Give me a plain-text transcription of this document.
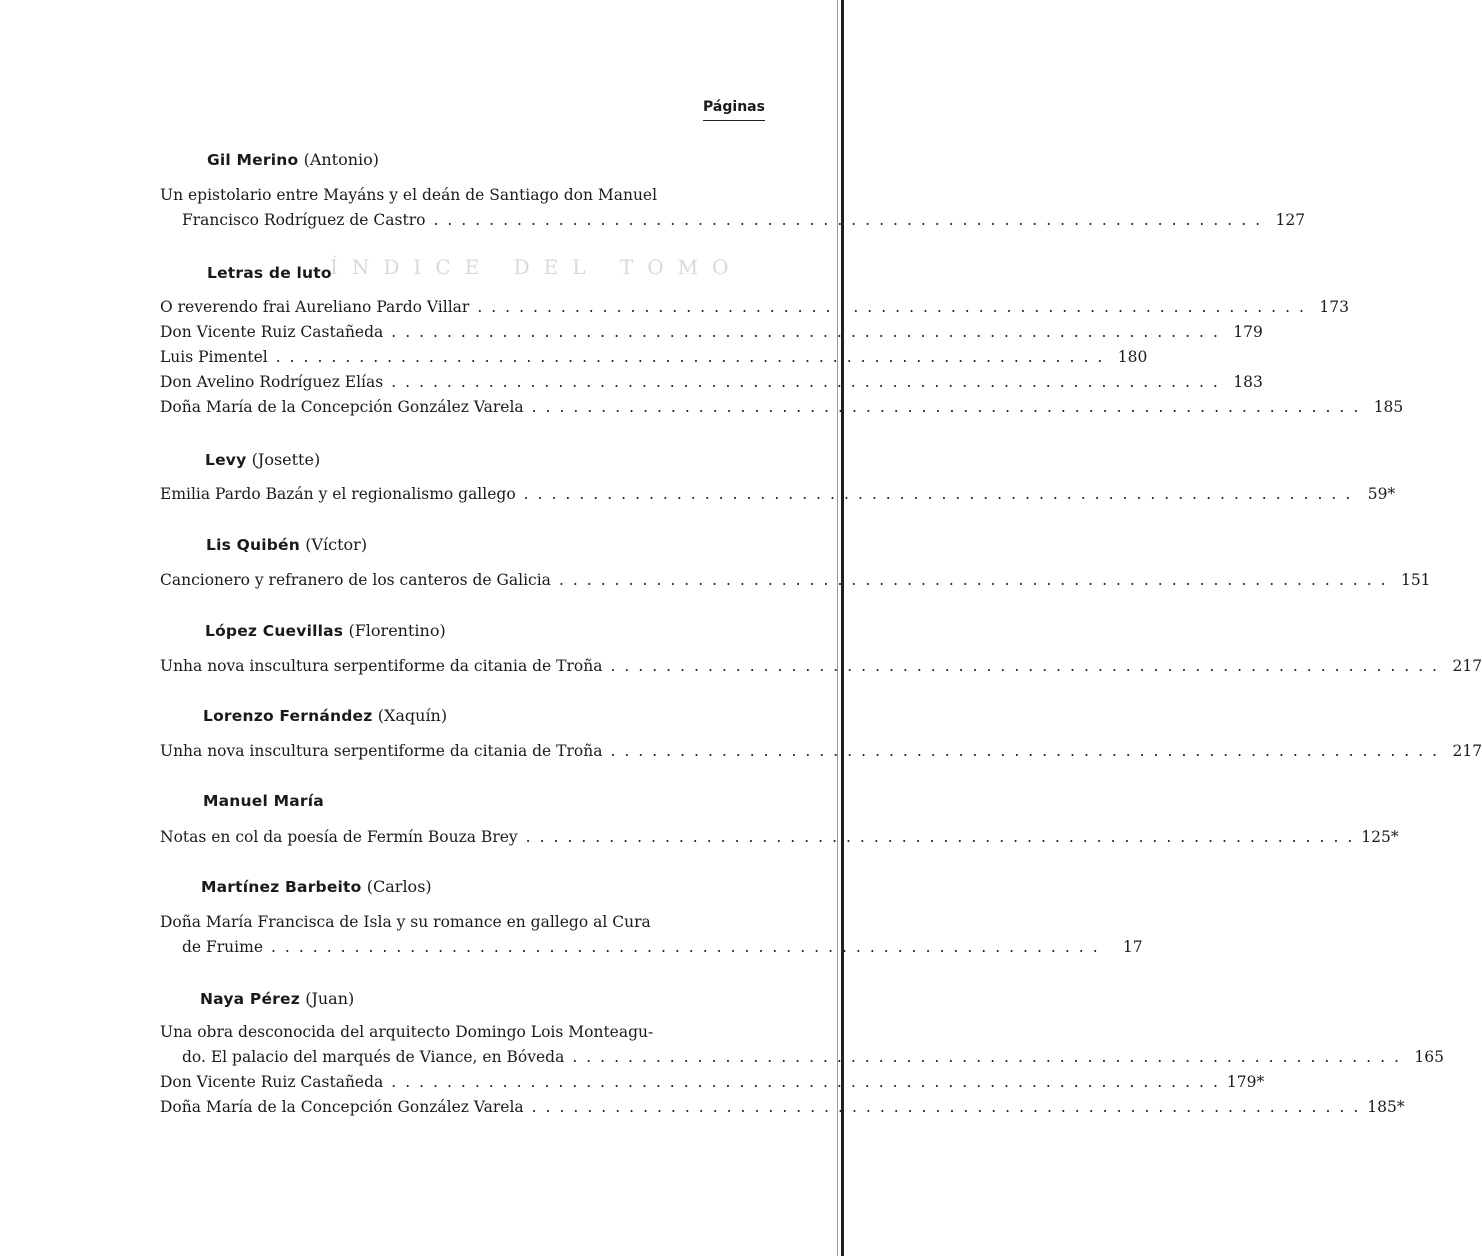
Páginas
ÍNDICE DEL TOMO
Gil Merino (Antonio)
Un epistolario entre Mayáns y el deán de Santiago don Manuel
Francisco Rodríguez de Castro ............................................................ 127
Letras de luto
O reverendo frai Aureliano Pardo Villar ............................................................ 173
Don Vicente Ruiz Castañeda ............................................................ 179
Luis Pimentel ............................................................ 180
Don Avelino Rodríguez Elías ............................................................ 183
Doña María de la Concepción González Varela ............................................................ 185
Levy (Josette)
Emilia Pardo Bazán y el regionalismo gallego ............................................................ 59*
Lis Quibén (Víctor)
Cancionero y refranero de los canteros de Galicia ............................................................ 151
López Cuevillas (Florentino)
Unha nova inscultura serpentiforme da citania de Troña ............................................................ 217
Lorenzo Fernández (Xaquín)
Unha nova inscultura serpentiforme da citania de Troña ............................................................ 217
Manuel María
Notas en col da poesía de Fermín Bouza Brey ............................................................ 125*
Martínez Barbeito (Carlos)
Doña María Francisca de Isla y su romance en gallego al Cura
de Fruime ............................................................	17
Naya Pérez (Juan)
Una obra desconocida del arquitecto Domingo Lois Monteagu-
do. El palacio del marqués de Viance, en Bóveda ............................................................ 165
Don Vicente Ruiz Castañeda ............................................................ 179*
Doña María de la Concepción González Varela ............................................................ 185*
